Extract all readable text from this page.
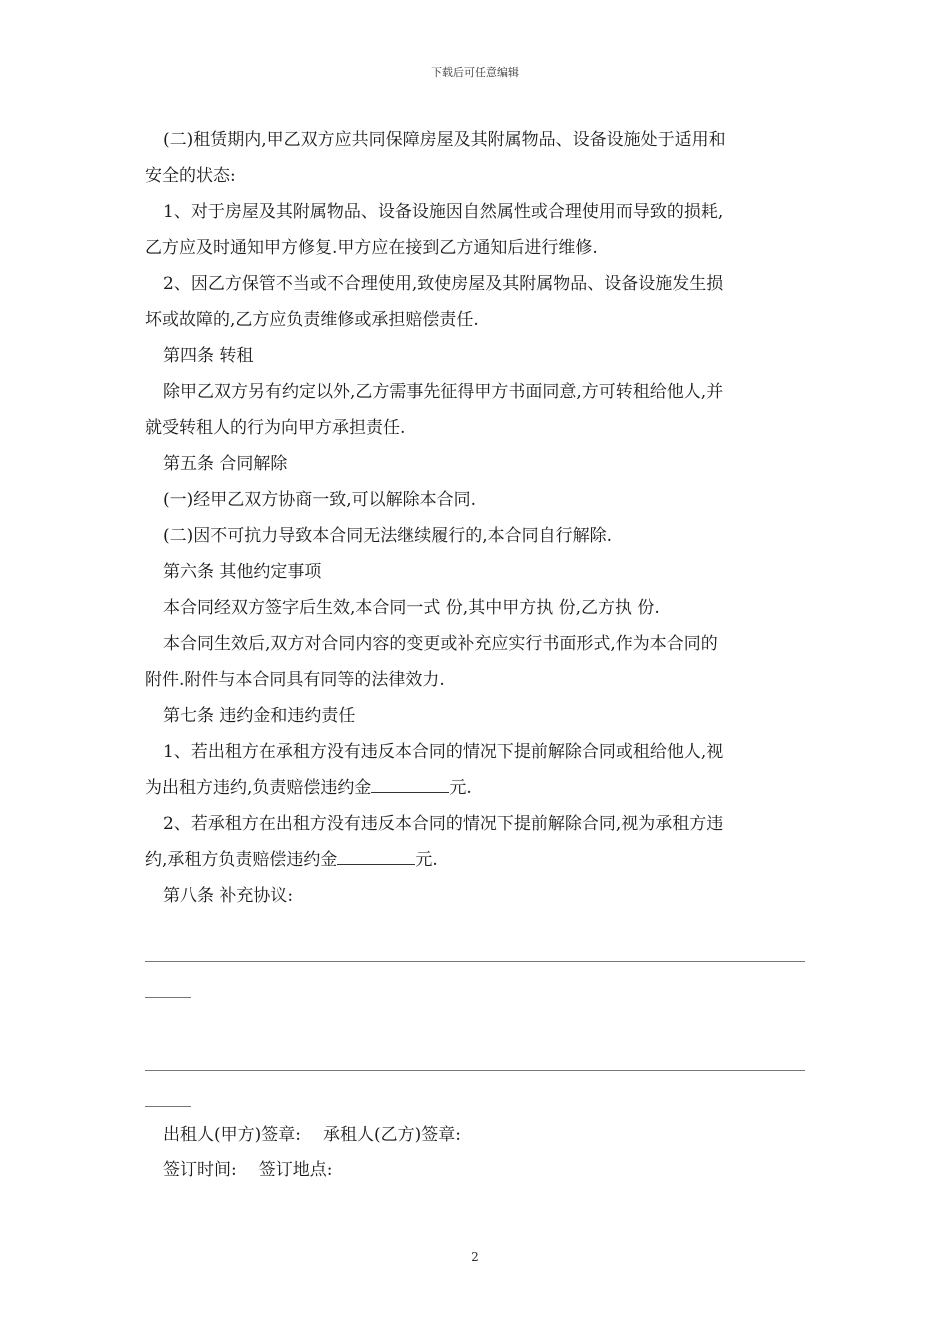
下载后可任意编辑

(二)租赁期内,甲乙双方应共同保障房屋及其附属物品、设备设施处于适用和

安全的状态:

1、对于房屋及其附属物品、设备设施因自然属性或合理使用而导致的损耗,

乙方应及时通知甲方修复.甲方应在接到乙方通知后进行维修.

2、因乙方保管不当或不合理使用,致使房屋及其附属物品、设备设施发生损

坏或故障的,乙方应负责维修或承担赔偿责任.

第四条 转租

除甲乙双方另有约定以外,乙方需事先征得甲方书面同意,方可转租给他人,并

就受转租人的行为向甲方承担责任.

第五条 合同解除

(一)经甲乙双方协商一致,可以解除本合同.

(二)因不可抗力导致本合同无法继续履行的,本合同自行解除.

第六条 其他约定事项

本合同经双方签字后生效,本合同一式 份,其中甲方执 份,乙方执 份.

本合同生效后,双方对合同内容的变更或补充应实行书面形式,作为本合同的

附件.附件与本合同具有同等的法律效力.

第七条 违约金和违约责任

1、若出租方在承租方没有违反本合同的情况下提前解除合同或租给他人,视

为出租方违约,负责赔偿违约金	元.

2、若承租方在出租方没有违反本合同的情况下提前解除合同,视为承租方违

约,承租方负责赔偿违约金	元.

第八条 补充协议:

出租人(甲方)签章: 承租人(乙方)签章:
签订时间: 签订地点:
2
